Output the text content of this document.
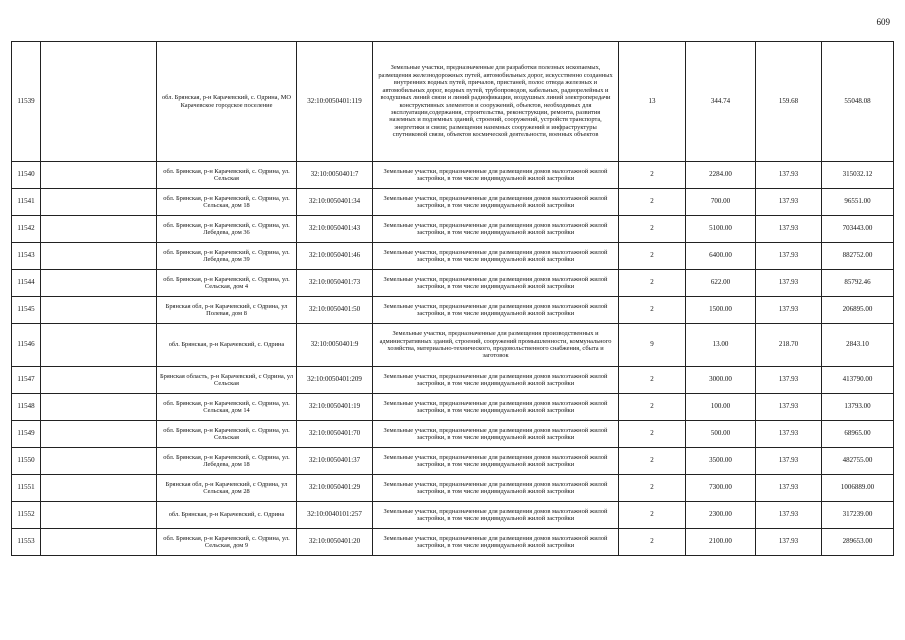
609
11539		обл. Брянская, р-н Карачевский, с. Одрина, МО Карачевское городское поселение	32:10:0050401:119	Земельные участки, предназначенные для разработки полезных ископаемых, размещения железнодорожных путей, автомобильных дорог, искусственно созданных внутренних водных путей, причалов, пристаней, полос отвода железных и автомобильных дорог, водных путей, трубопроводов, кабельных, радиорелейных и воздушных линий связи и линий радиофикации, воздушных линий электропередачи конструктивных элементов и сооружений, объектов, необходимых для эксплуатации,содержания, строительства, реконструкции, ремонта, развития наземных и подземных зданий, строений, сооружений, устройств транспорта, энергетики и связи; размещения наземных сооружений и инфраструктуры спутниковой связи, объектов космической деятельности, военных объектов	13	344.74	159.68	55048.08
11540		обл. Брянская, р-н Карачевский, с. Одрина, ул. Сельская	32:10:0050401:7	Земельные участки, предназначенные для размещения домов малоэтажной жилой застройки, в том числе индивидуальной жилой застройки	2	2284.00	137.93	315032.12
11541		обл. Брянская, р-н Карачевский, с. Одрина, ул. Сельская, дом 18	32:10:0050401:34	Земельные участки, предназначенные для размещения домов малоэтажной жилой застройки, в том числе индивидуальной жилой застройки	2	700.00	137.93	96551.00
11542		обл. Брянская, р-н Карачевский, с. Одрина, ул. Лебедева, дом 36	32:10:0050401:43	Земельные участки, предназначенные для размещения домов малоэтажной жилой застройки, в том числе индивидуальной жилой застройки	2	5100.00	137.93	703443.00
11543		обл. Брянская, р-н Карачевский, с. Одрина, ул. Лебедева, дом 39	32:10:0050401:46	Земельные участки, предназначенные для размещения домов малоэтажной жилой застройки, в том числе индивидуальной жилой застройки	2	6400.00	137.93	882752.00
11544		обл. Брянская, р-н Карачевский, с. Одрина, ул. Сельская, дом 4	32:10:0050401:73	Земельные участки, предназначенные для размещения домов малоэтажной жилой застройки, в том числе индивидуальной жилой застройки	2	622.00	137.93	85792.46
11545		Брянская обл, р-н Карачевский, с Одрина, ул Полевая, дом 8	32:10:0050401:50	Земельные участки, предназначенные для размещения домов малоэтажной жилой застройки, в том числе индивидуальной жилой застройки	2	1500.00	137.93	206895.00
11546		обл. Брянская, р-н Карачевский, с. Одрина	32:10:0050401:9	Земельные участки, предназначенные для размещения производственных и административных зданий, строений, сооружений промышленности, коммунального хозяйства, материально-технического, продовольственного снабжения, сбыта и заготовок	9	13.00	218.70	2843.10
11547		Брянская область, р-н Карачевский, с Одрина, ул Сельская	32:10:0050401:209	Земельные участки, предназначенные для размещения домов малоэтажной жилой застройки, в том числе индивидуальной жилой застройки	2	3000.00	137.93	413790.00
11548		обл. Брянская, р-н Карачевский, с. Одрина, ул. Сельская, дом 14	32:10:0050401:19	Земельные участки, предназначенные для размещения домов малоэтажной жилой застройки, в том числе индивидуальной жилой застройки	2	100.00	137.93	13793.00
11549		обл. Брянская, р-н Карачевский, с. Одрина, ул. Сельская	32:10:0050401:70	Земельные участки, предназначенные для размещения домов малоэтажной жилой застройки, в том числе индивидуальной жилой застройки	2	500.00	137.93	68965.00
11550		обл. Брянская, р-н Карачевский, с. Одрина, ул. Лебедева, дом 18	32:10:0050401:37	Земельные участки, предназначенные для размещения домов малоэтажной жилой застройки, в том числе индивидуальной жилой застройки	2	3500.00	137.93	482755.00
11551		Брянская обл, р-н Карачевский, с Одрина, ул Сельская, дом 28	32:10:0050401:29	Земельные участки, предназначенные для размещения домов малоэтажной жилой застройки, в том числе индивидуальной жилой застройки	2	7300.00	137.93	1006889.00
11552		обл. Брянская, р-н Карачевский, с. Одрина	32:10:0040101:257	Земельные участки, предназначенные для размещения домов малоэтажной жилой застройки, в том числе индивидуальной жилой застройки	2	2300.00	137.93	317239.00
11553		обл. Брянская, р-н Карачевский, с. Одрина, ул. Сельская, дом 9	32:10:0050401:20	Земельные участки, предназначенные для размещения домов малоэтажной жилой застройки, в том числе индивидуальной жилой застройки	2	2100.00	137.93	289653.00
